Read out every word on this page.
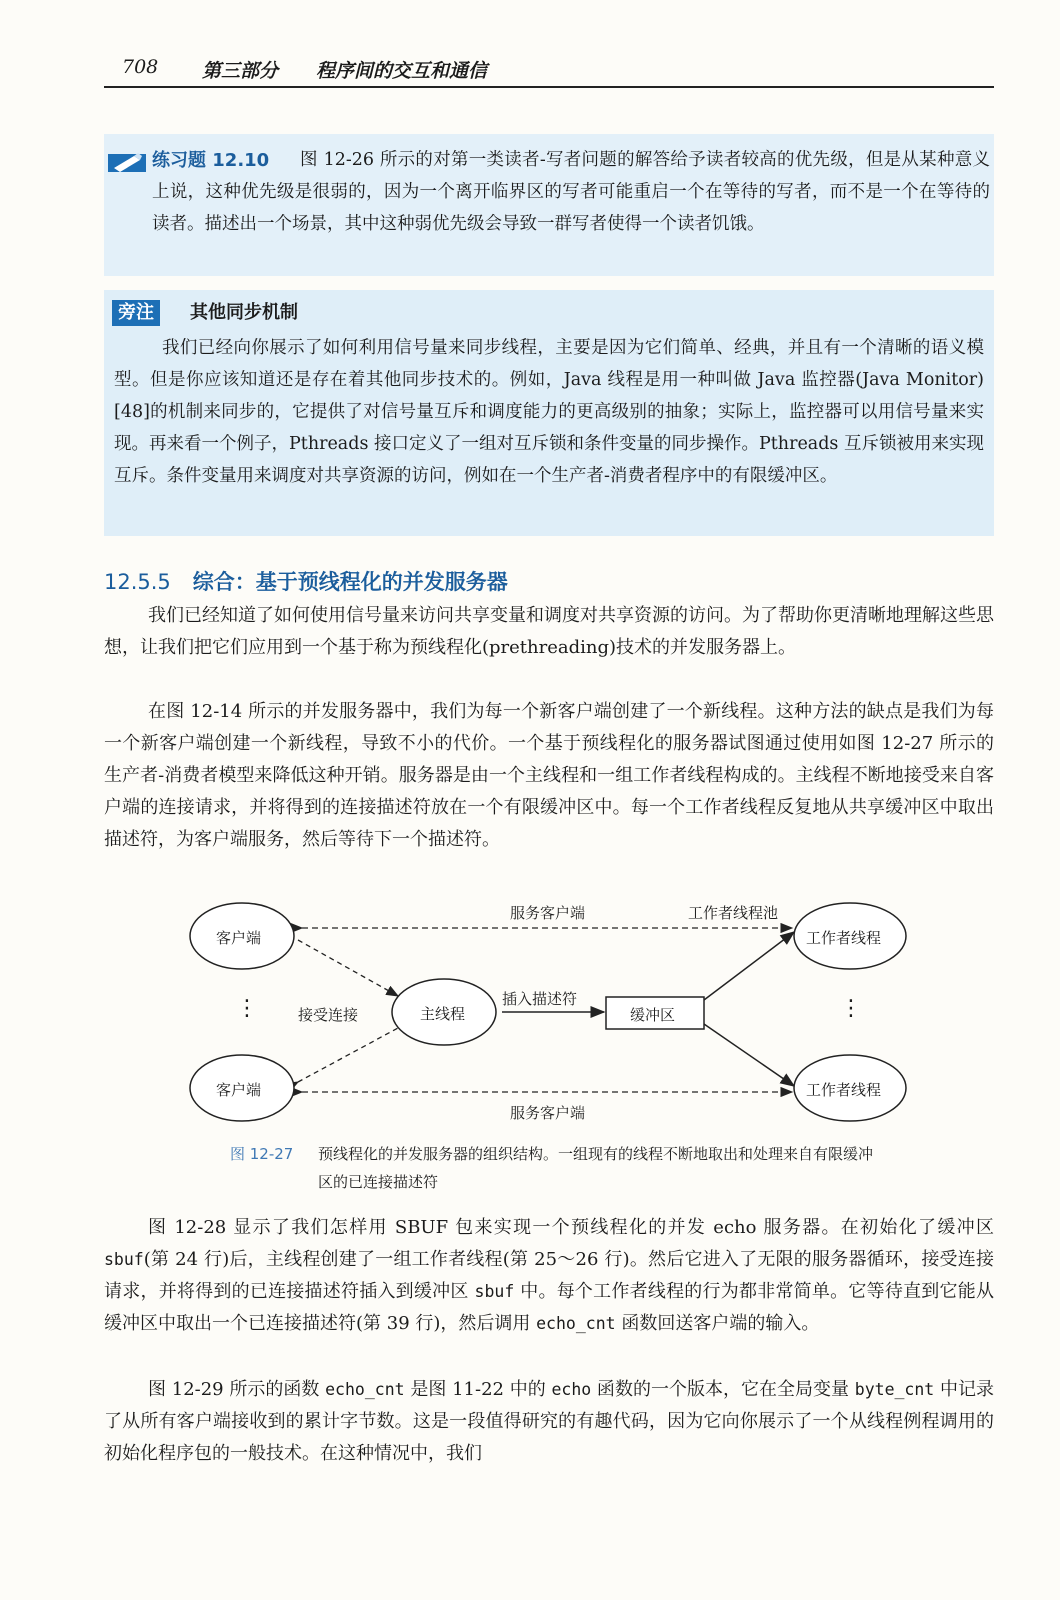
708 第三部分 程序间的交互和通信
图 12-26 所示的对第一类读者-写者问题的解答给予读者较高的优先级，但是从某种意义上说，这种优先级是很弱的，因为一个离开临界区的写者可能重启一个在等待的写者，而不是一个在等待的读者。描述出一个场景，其中这种弱优先级会导致一群写者使得一个读者饥饿。
练习题 12.10
旁注	其他同步机制
我们已经向你展示了如何利用信号量来同步线程，主要是因为它们简单、经典，并且有一个清晰的语义模型。但是你应该知道还是存在着其他同步技术的。例如，Java 线程是用一种叫做 Java 监控器(Java Monitor)[48]的机制来同步的，它提供了对信号量互斥和调度能力的更高级别的抽象；实际上，监控器可以用信号量来实现。再来看一个例子，Pthreads 接口定义了一组对互斥锁和条件变量的同步操作。Pthreads 互斥锁被用来实现互斥。条件变量用来调度对共享资源的访问，例如在一个生产者-消费者程序中的有限缓冲区。
12.5.5 综合：基于预线程化的并发服务器
我们已经知道了如何使用信号量来访问共享变量和调度对共享资源的访问。为了帮助你更清晰地理解这些思想，让我们把它们应用到一个基于称为预线程化(prethreading)技术的并发服务器上。
在图 12-14 所示的并发服务器中，我们为每一个新客户端创建了一个新线程。这种方法的缺点是我们为每一个新客户端创建一个新线程，导致不小的代价。一个基于预线程化的服务器试图通过使用如图 12-27 所示的生产者-消费者模型来降低这种开销。服务器是由一个主线程和一组工作者线程构成的。主线程不断地接受来自客户端的连接请求，并将得到的连接描述符放在一个有限缓冲区中。每一个工作者线程反复地从共享缓冲区中取出描述符，为客户端服务，然后等待下一个描述符。
客户端
客户端
主线程	缓冲区
工作者线程
工作者线程
⋮	⋮
服务客户端	工作者线程池
接受连接
插入描述符
服务客户端
图 12-27 预线程化的并发服务器的组织结构。一组现有的线程不断地取出和处理来自有限缓冲区的已连接描述符
图 12-28 显示了我们怎样用 SBUF 包来实现一个预线程化的并发 echo 服务器。在初始化了缓冲区 sbuf(第 24 行)后，主线程创建了一组工作者线程(第 25～26 行)。然后它进入了无限的服务器循环，接受连接请求，并将得到的已连接描述符插入到缓冲区 sbuf 中。每个工作者线程的行为都非常简单。它等待直到它能从缓冲区中取出一个已连接描述符(第 39 行)，然后调用 echo_cnt 函数回送客户端的输入。
图 12-29 所示的函数 echo_cnt 是图 11-22 中的 echo 函数的一个版本，它在全局变量 byte_cnt 中记录了从所有客户端接收到的累计字节数。这是一段值得研究的有趣代码，因为它向你展示了一个从线程例程调用的初始化程序包的一般技术。在这种情况中，我们
